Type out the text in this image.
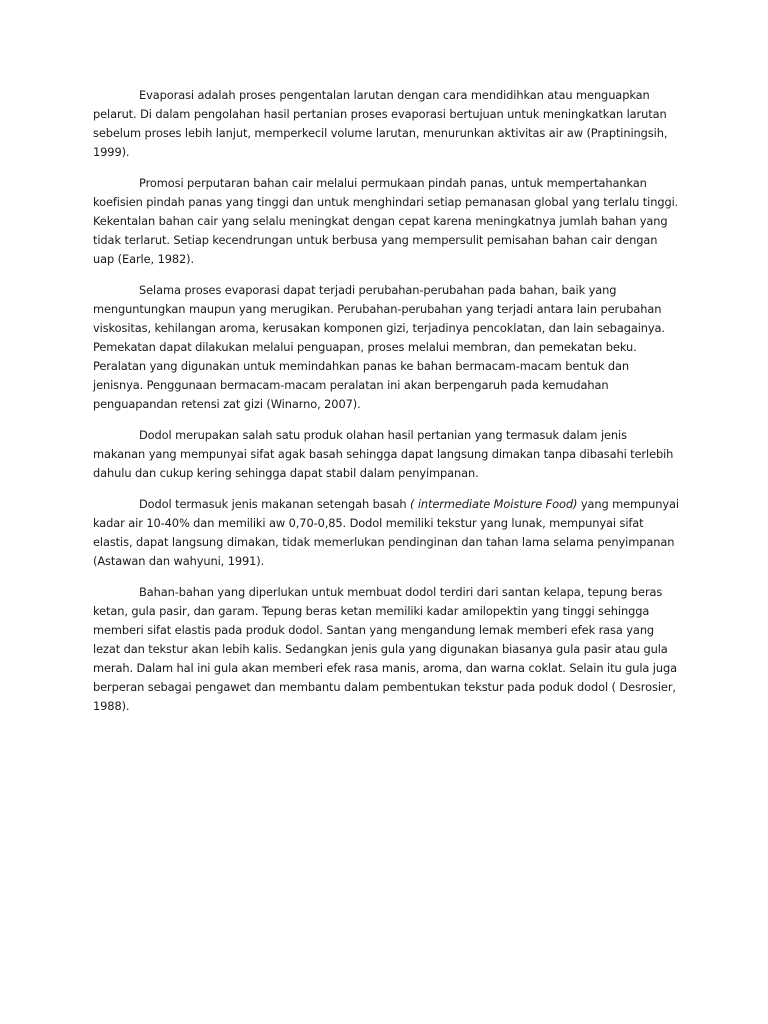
Evaporasi adalah proses pengentalan larutan dengan cara mendidihkan atau menguapkan pelarut. Di dalam pengolahan hasil pertanian proses evaporasi bertujuan untuk meningkatkan larutan sebelum proses lebih lanjut, memperkecil volume larutan, menurunkan aktivitas air aw (Praptiningsih, 1999).

Promosi perputaran bahan cair melalui permukaan pindah panas, untuk mempertahankan koefisien pindah panas yang tinggi dan untuk menghindari setiap pemanasan global yang terlalu tinggi. Kekentalan bahan cair yang selalu meningkat dengan cepat karena meningkatnya jumlah bahan yang tidak terlarut. Setiap kecendrungan untuk berbusa yang mempersulit pemisahan bahan cair dengan uap (Earle, 1982).

Selama proses evaporasi dapat terjadi perubahan-perubahan pada bahan, baik yang menguntungkan maupun yang merugikan. Perubahan-perubahan yang terjadi antara lain perubahan viskositas, kehilangan aroma, kerusakan komponen gizi, terjadinya pencoklatan, dan lain sebagainya. Pemekatan dapat dilakukan melalui penguapan, proses melalui membran, dan pemekatan beku. Peralatan yang digunakan untuk memindahkan panas ke bahan bermacam-macam bentuk dan jenisnya. Penggunaan bermacam-macam peralatan ini akan berpengaruh pada kemudahan penguapandan retensi zat gizi (Winarno, 2007).

Dodol merupakan salah satu produk olahan hasil pertanian yang termasuk dalam jenis makanan yang mempunyai sifat agak basah sehingga dapat langsung dimakan tanpa dibasahi terlebih dahulu dan cukup kering sehingga dapat stabil dalam penyimpanan.

Dodol termasuk jenis makanan setengah basah ( intermediate Moisture Food) yang mempunyai kadar air 10-40% dan memiliki aw 0,70-0,85. Dodol memiliki tekstur yang lunak, mempunyai sifat elastis, dapat langsung dimakan, tidak memerlukan pendinginan dan tahan lama selama penyimpanan (Astawan dan wahyuni, 1991).

Bahan-bahan yang diperlukan untuk membuat dodol terdiri dari santan kelapa, tepung beras ketan, gula pasir, dan garam. Tepung beras ketan memiliki kadar amilopektin yang tinggi sehingga memberi sifat elastis pada produk dodol. Santan yang mengandung lemak memberi efek rasa yang lezat dan tekstur akan lebih kalis. Sedangkan jenis gula yang digunakan biasanya gula pasir atau gula merah. Dalam hal ini gula akan memberi efek rasa manis, aroma, dan warna coklat. Selain itu gula juga berperan sebagai pengawet dan membantu dalam pembentukan tekstur pada poduk dodol ( Desrosier, 1988).
